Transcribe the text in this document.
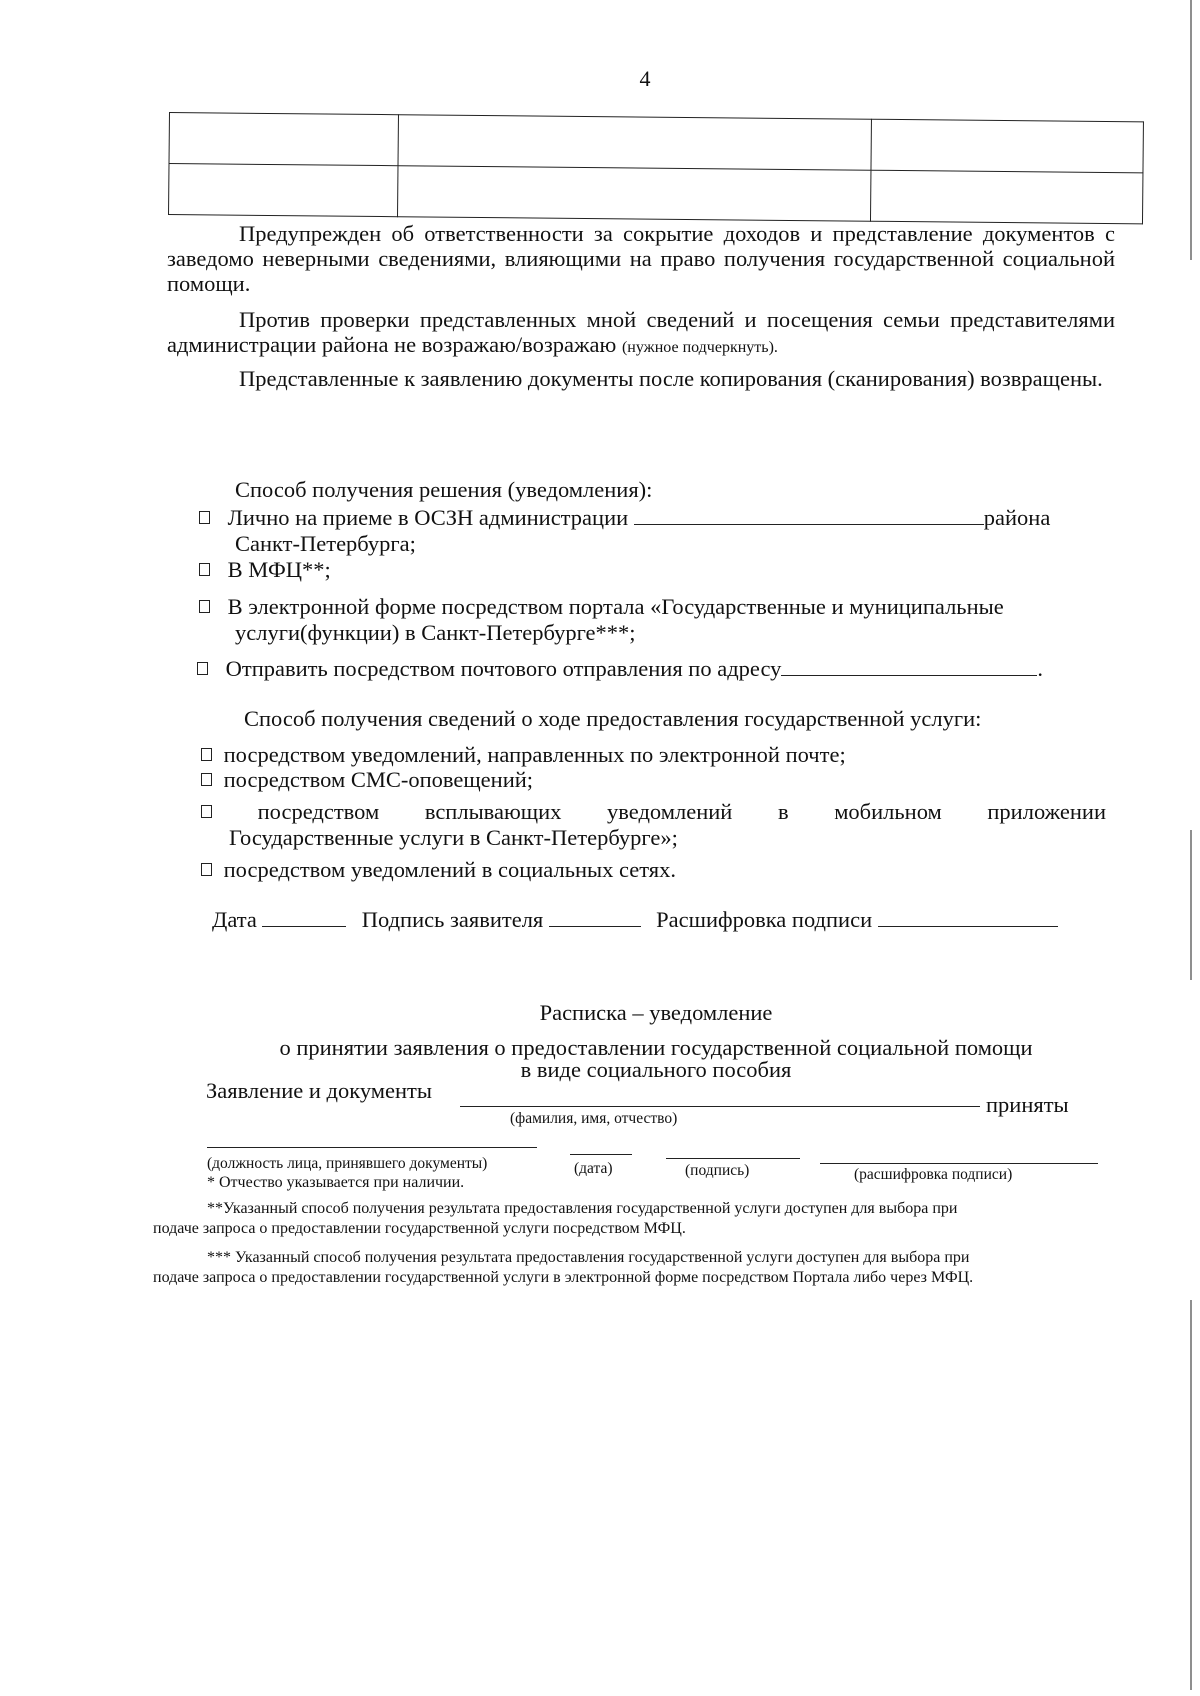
4

Предупрежден об ответственности за сокрытие доходов и представление документов с заведомо неверными сведениями, влияющими на право получения государственной социальной помощи.
Против проверки представленных мной сведений и посещения семьи представителями администрации района не возражаю/возражаю (нужное подчеркнуть).
Представленные к заявлению документы после копирования (сканирования) возвращены.
Способ получения решения (уведомления):
Лично на приеме в ОСЗН администрации	района
Санкт-Петербурга;
В МФЦ**;
В электронной форме посредством портала «Государственные и муниципальные
услуги(функции) в Санкт-Петербурге***;
Отправить посредством почтового отправления по адресу	.
Способ получения сведений о ходе предоставления государственной услуги:
посредством уведомлений, направленных по электронной почте;
посредством СМС-оповещений;
посредством всплывающих уведомлений в мобильном приложении
Государственные услуги в Санкт-Петербурге»;
посредством уведомлений в социальных сетях.
Дата	Подпись заявителя	Расшифровка подписи
Расписка – уведомление
о принятии заявления о предоставлении государственной социальной помощи
в виде социального пособия
Заявление и документы
приняты
(фамилия, имя, отчество)
(должность лица, принявшего документы)	(дата)	(подпись)	(расшифровка подписи)
* Отчество указывается при наличии.
**Указанный способ получения результата предоставления государственной услуги доступен для выбора при
подаче запроса о предоставлении государственной услуги посредством МФЦ.
*** Указанный способ получения результата предоставления государственной услуги доступен для выбора при
подаче запроса о предоставлении государственной услуги в электронной форме посредством Портала либо через МФЦ.
